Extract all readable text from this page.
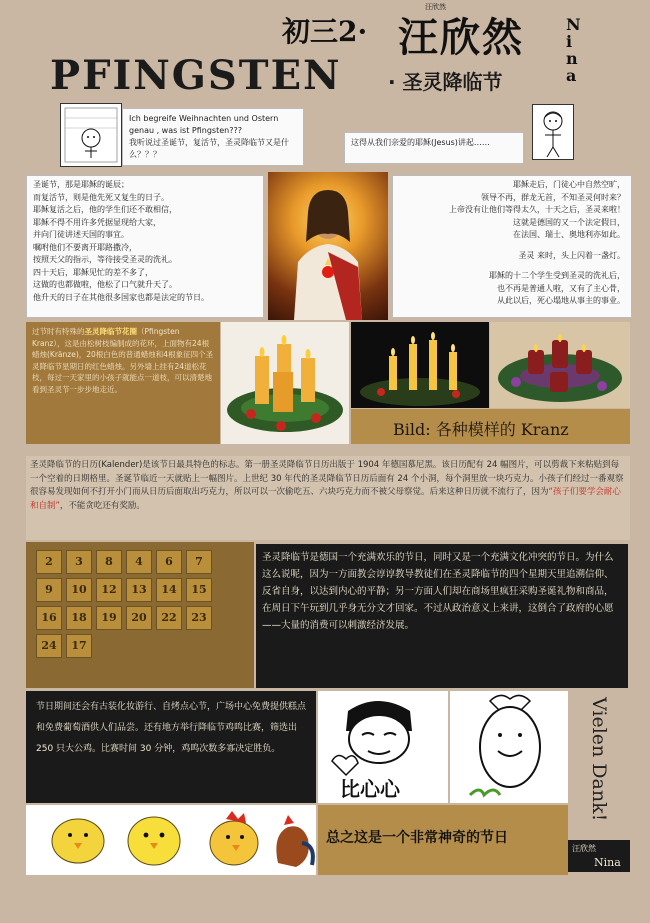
初三2· 汪欣然
汪欣然
Nina
PFINGSTEN · 圣灵降临节
Ich begreife Weihnachten und Ostern genau , was ist Pfingsten???
我听说过圣诞节，复活节，圣灵降临节又是什么？？？
这得从我们亲爱的耶稣(Jesus)讲起……
圣诞节，那是耶稣的诞辰；
而复活节，则是他先死又复生的日子。
耶稣复活之后，他的学生们还不敢相信，
耶稣不得不用许多凭据显现给大家，
并向门徒讲述天国的事宜。
嘱咐他们不要离开耶路撒冷，
按照天父的指示，等待接受圣灵的洗礼。
四十天后，耶稣见忙的差不多了，
这做的也都做啦，他松了口气就升天了。
他升天的日子在其他很多国家也都是法定的节日。
耶稣走后，门徒心中自然空旷，
领导不再，群龙无首，不知圣灵何时来？
上帝没有让他们等得太久，十天之后，圣灵来啦！
这就是德国的又一个法定假日，
在法国、瑞士、奥地利亦如此。
圣灵 来时，头上闪着一盏灯。
耶稣的十二个学生受到圣灵的洗礼后，
也不再是普通人啦，又有了主心骨，
从此以后，死心塌地从事主的事业。
过节时有特殊的圣灵降临节花圈（Pfingsten Kranz），这是由松树枝编制成的花环，上面物有24根蜡烛(Kränze)，20根白色的普通蜡烛和4根象征四个圣灵降临节星期日的红色蜡烛。另外墙上挂有24道松花枝，每过一天家里的小孩子就能点一道枝，可以清楚地看到圣灵节一步步地走近。
Bild: 各种模样的 Kranz
圣灵降临节的日历(Kalender)是该节日最具特色的标志。第一册圣灵降临节日历出版于 1904 年德国慕尼黑。该日历配有 24 幅图片，可以剪裁下来粘贴到每一个空着的日期格里。圣诞节临近一天就贴上一幅图片。上世纪 30 年代的圣灵降临节日历后面有 24 个小洞，每个洞里放一块巧克力。小孩子们经过一番观察很容易发现如何不打开小门而从日历后面取出巧克力，所以可以一次偷吃五、六块巧克力而不被父母察觉。后来这种日历就不流行了，因为“孩子们要学会耐心和自制”，不能贪吃还有奖励。
2 3 8 4 6 79 10 12 13 14 1516 18 19 20 22 2324 17
圣灵降临节是德国一个充满欢乐的节日，同时又是一个充满文化冲突的节日。为什么这么说呢，因为一方面教会谆谆教导教徒们在圣灵降临节的四个星期天里追溯信仰、反省自身，以达到内心的平静；另一方面人们却在商场里疯狂采购圣诞礼物和商品，在周日下午玩到几乎身无分文才回家。不过从政治意义上来讲，这倒合了政府的心愿——大量的消费可以刺激经济发展。
节日期间还会有古装化妆游行、自烤点心节，广场中心免费提供糕点和免费葡萄酒供人们品尝。还有地方举行降临节鸡鸣比赛，筛选出 250 只大公鸡。比赛时间 30 分钟，鸡鸣次数多寡决定胜负。
比心心	Vielen Dank!
总之这是一个非常神奇的节日
汪欣然
Nina
